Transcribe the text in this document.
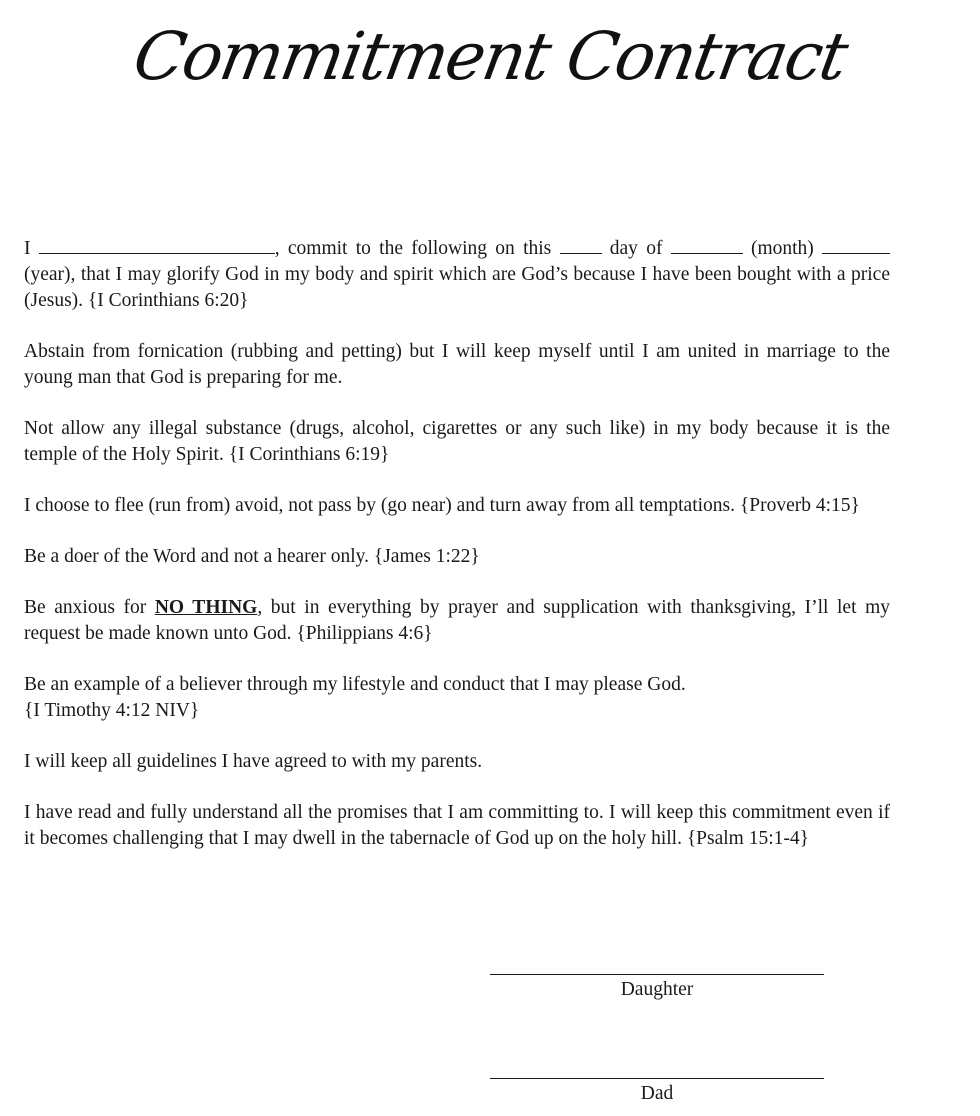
Commitment Contract

I	, commit to the following on this	day of	(month)  (year), that I may glorify God in my body and spirit which are God’s because I have been bought with a price (Jesus). {I Corinthians 6:20}

Abstain from fornication (rubbing and petting) but I will keep myself until I am united in marriage to the young man that God is preparing for me.

Not allow any illegal substance (drugs, alcohol, cigarettes or any such like) in my body because it is the temple of the Holy Spirit. {I Corinthians 6:19}

I choose to flee (run from) avoid, not pass by (go near) and turn away from all temptations. {Proverb 4:15}

Be a doer of the Word and not a hearer only. {James 1:22}

Be anxious for NO THING, but in everything by prayer and supplication with thanksgiving, I’ll let my request be made known unto God. {Philippians 4:6}

Be an example of a believer through my lifestyle and conduct that I may please God.
{I Timothy 4:12 NIV}

I will keep all guidelines I have agreed to with my parents.

I have read and fully understand all the promises that I am committing to. I will keep this commitment even if it becomes challenging that I may dwell in the tabernacle of God up on the holy hill. {Psalm 15:1-4}

Daughter
Dad
